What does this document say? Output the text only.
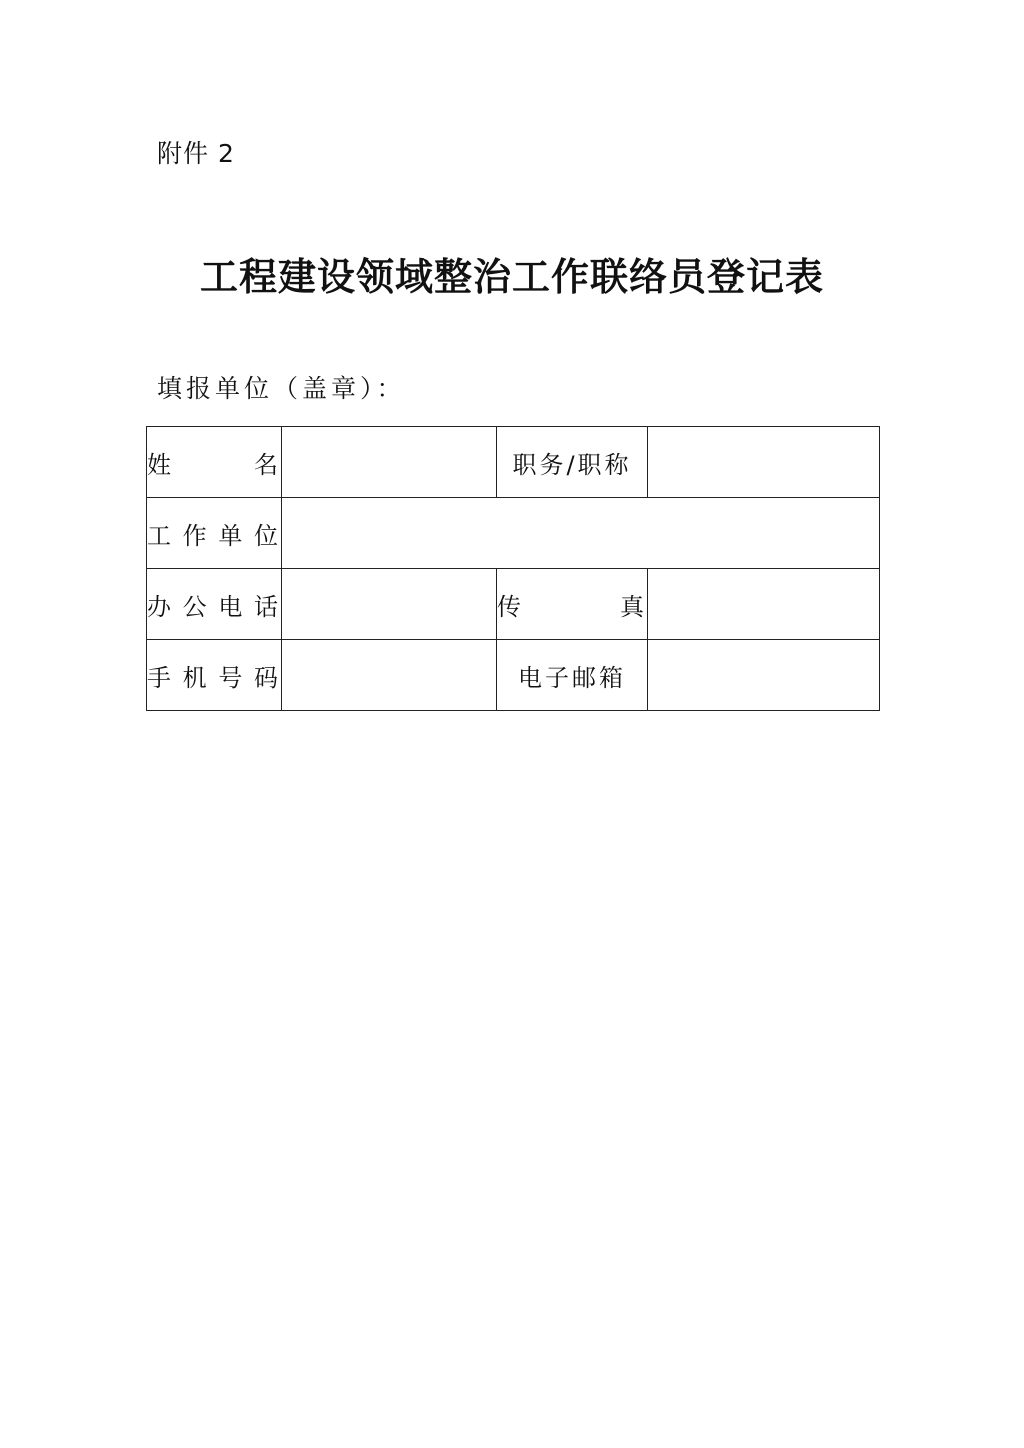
附件 2
工程建设领域整治工作联络员登记表
填报单位（盖章）：
姓　　名		职务/职称	
工作单位			
办公电话		传　　真	
手机号码		电子邮箱	
